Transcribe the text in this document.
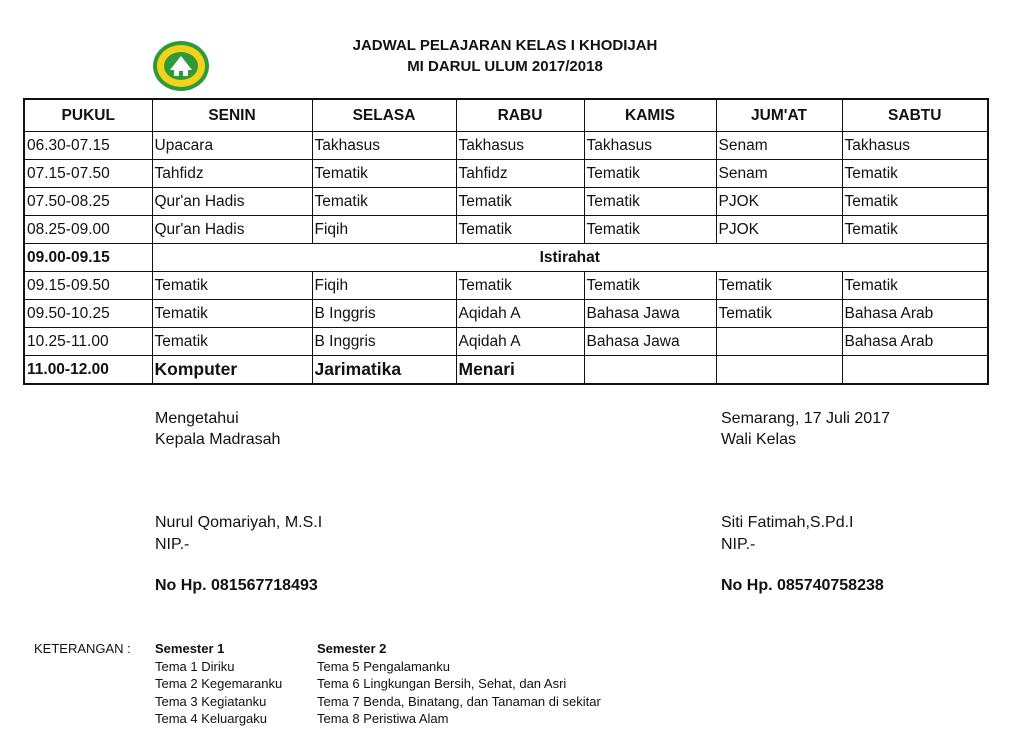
JADWAL PELAJARAN KELAS I KHODIJAH
MI DARUL ULUM 2017/2018
PUKUL	SENIN	SELASA	RABU	KAMIS	JUM'AT	SABTU
06.30-07.15	Upacara	Takhasus	Takhasus	Takhasus	Senam	Takhasus
07.15-07.50	Tahfidz	Tematik	Tahfidz	Tematik	Senam	Tematik
07.50-08.25	Qur'an Hadis	Tematik	Tematik	Tematik	PJOK	Tematik
08.25-09.00	Qur'an Hadis	Fiqih	Tematik	Tematik	PJOK	Tematik
09.00-09.15	Istirahat					
09.15-09.50	Tematik	Fiqih	Tematik	Tematik	Tematik	Tematik
09.50-10.25	Tematik	B Inggris	Aqidah A	Bahasa Jawa	Tematik	Bahasa Arab
10.25-11.00	Tematik	B Inggris	Aqidah A	Bahasa Jawa		Bahasa Arab
11.00-12.00	Komputer	Jarimatika	Menari			
Mengetahui
Kepala Madrasah
Nurul Qomariyah, M.S.I
NIP.-
No Hp. 081567718493
Semarang, 17 Juli 2017
Wali Kelas
Siti Fatimah,S.Pd.I
NIP.-
No Hp. 085740758238
KETERANGAN : Semester 1
Tema 1 Diriku
Tema 2 Kegemaranku
Tema 3 Kegiatanku
Tema 4 Keluargaku
Semester 2
Tema 5 Pengalamanku
Tema 6 Lingkungan Bersih, Sehat, dan Asri
Tema 7 Benda, Binatang, dan Tanaman di sekitar
Tema 8 Peristiwa Alam
